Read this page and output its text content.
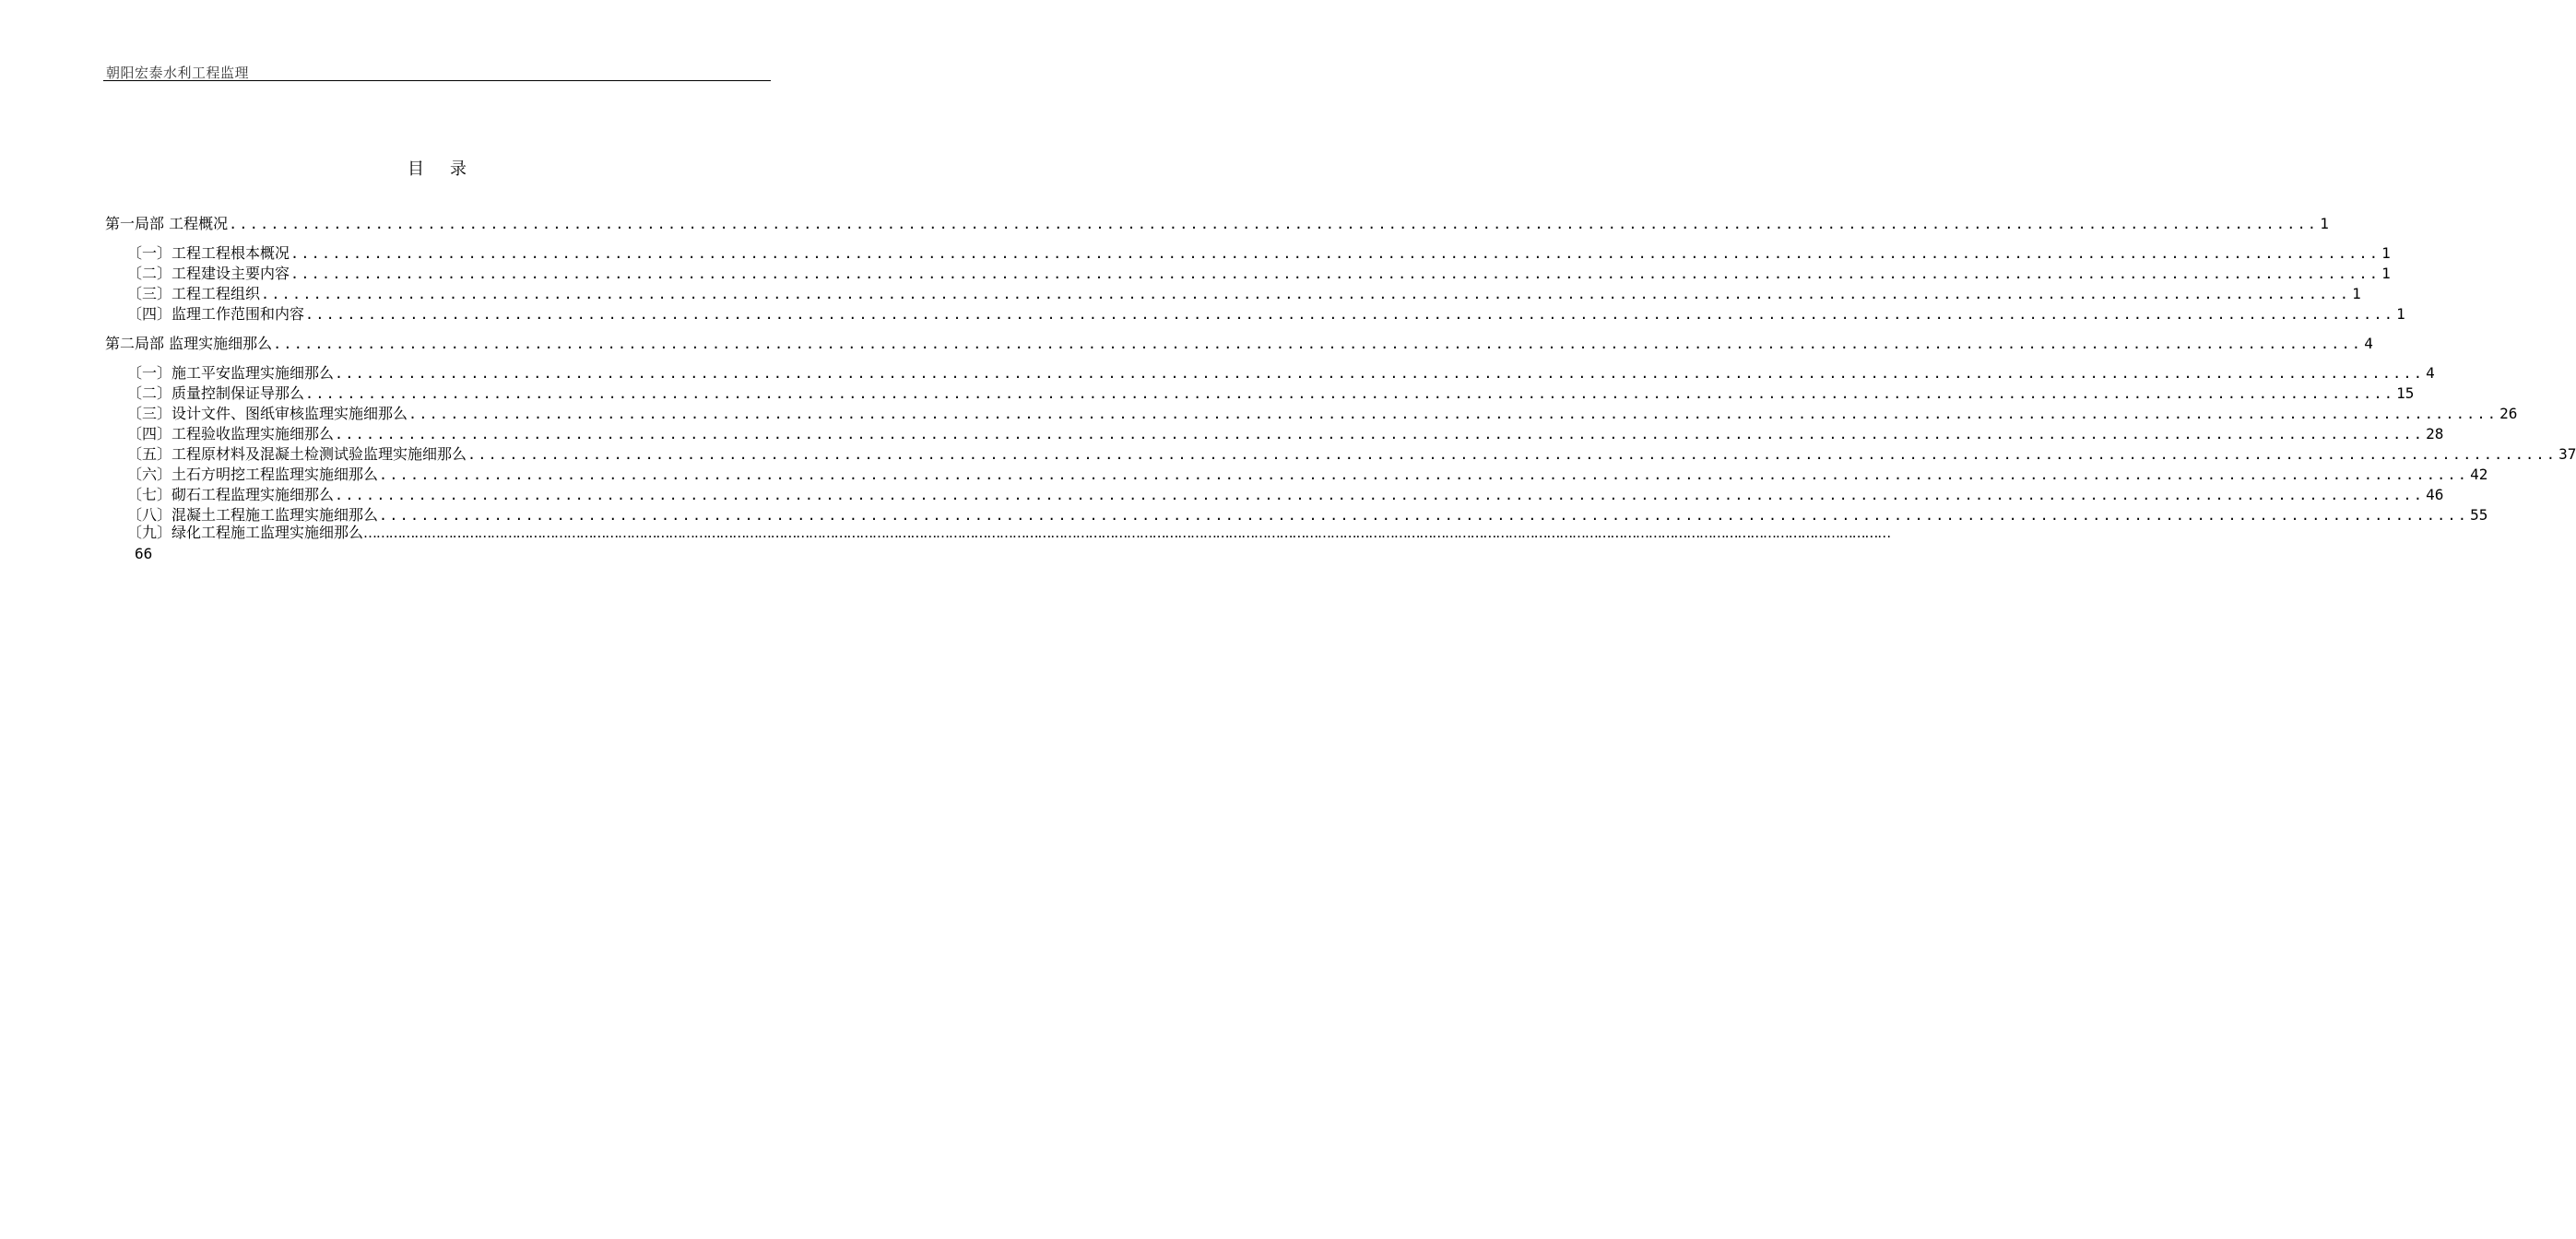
朝阳宏泰水利工程监理
目 录
第一局部 工程概况 ........................................................................................................................................................................................................ 1
〔一〕工程工程根本概况 ........................................................................................................................................................................................................ 1
〔二〕工程建设主要内容 ........................................................................................................................................................................................................ 1
〔三〕工程工程组织 ........................................................................................................................................................................................................ 1
〔四〕监理工作范围和内容 ........................................................................................................................................................................................................ 1
第二局部 监理实施细那么 ........................................................................................................................................................................................................ 4
〔一〕施工平安监理实施细那么 ........................................................................................................................................................................................................ 4
〔二〕质量控制保证导那么 ........................................................................................................................................................................................................ 15
〔三〕设计文件、图纸审核监理实施细那么 ........................................................................................................................................................................................................ 26
〔四〕工程验收监理实施细那么 ........................................................................................................................................................................................................ 28
〔五〕工程原材料及混凝土检测试验监理实施细那么 ........................................................................................................................................................................................................ 37
〔六〕土石方明挖工程监理实施细那么 ........................................................................................................................................................................................................ 42
〔七〕砌石工程监理实施细那么 ........................................................................................................................................................................................................ 46
〔八〕混凝土工程施工监理实施细那么 ........................................................................................................................................................................................................ 55
〔九〕绿化工程施工监理实施细那么 ………………………………………………………………………………………………………………………………………………………………………………………………………………………………………………………………………………………………………………………………
66
